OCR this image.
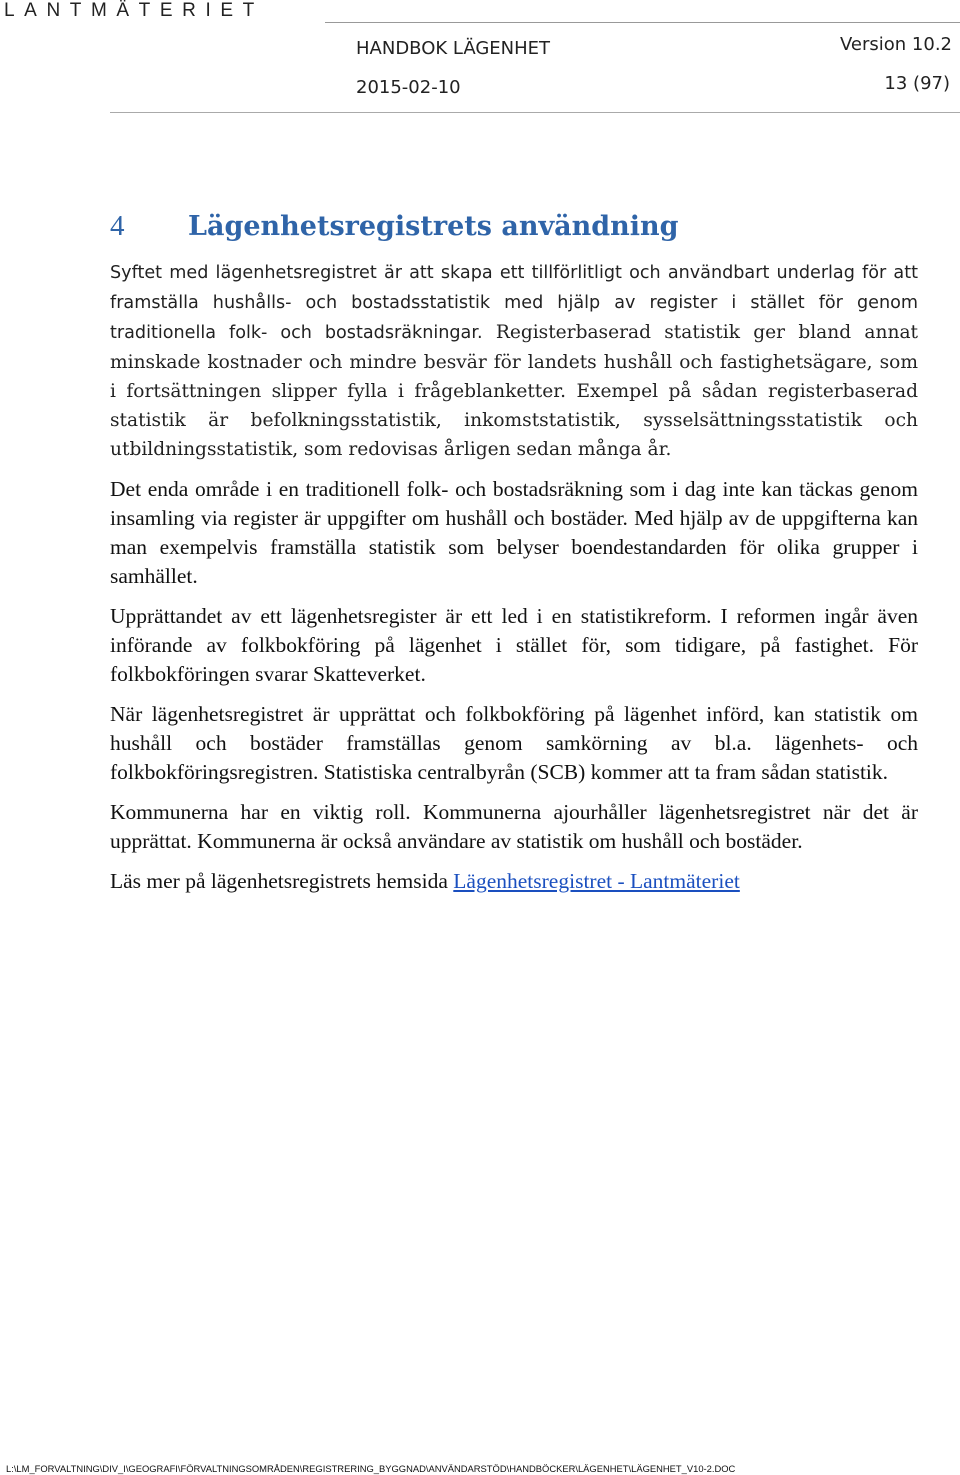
LANTMÄTERIET
HANDBOK LÄGENHET	Version 10.2
2015-02-10	13 (97)
4	Lägenhetsregistrets användning

Syftet med lägenhetsregistret är att skapa ett tillförlitligt och användbart underlag för att framställa hushålls- och bostadsstatistik med hjälp av register i stället för genom traditionella folk- och bostadsräkningar. Registerbaserad statistik ger bland annat minskade kostnader och mindre besvär för landets hushåll och fastighetsägare, som i fortsättningen slipper fylla i frågeblanketter. Exempel på sådan registerbaserad statistik är befolkningsstatistik, inkomststatistik, sysselsättningsstatistik och utbildningsstatistik, som redovisas årligen sedan många år.

Det enda område i en traditionell folk- och bostadsräkning som i dag inte kan täckas genom insamling via register är uppgifter om hushåll och bostäder. Med hjälp av de uppgifterna kan man exempelvis framställa statistik som belyser boendestandarden för olika grupper i samhället.

Upprättandet av ett lägenhetsregister är ett led i en statistikreform. I reformen ingår även införande av folkbokföring på lägenhet i stället för, som tidigare, på fastighet. För folkbokföringen svarar Skatteverket.

När lägenhetsregistret är upprättat och folkbokföring på lägenhet införd, kan statistik om hushåll och bostäder framställas genom samkörning av bl.a. lägenhets- och folkbokföringsregistren. Statistiska centralbyrån (SCB) kommer att ta fram sådan statistik.

Kommunerna har en viktig roll. Kommunerna ajourhåller lägenhetsregistret när det är upprättat. Kommunerna är också användare av statistik om hushåll och bostäder.

Läs mer på lägenhetsregistrets hemsida Lägenhetsregistret - Lantmäteriet

L:\LM_FORVALTNING\DIV_I\GEOGRAFI\FÖRVALTNINGSOMRÅDEN\REGISTRERING_BYGGNAD\ANVÄNDARSTÖD\HANDBÖCKER\LÄGENHET\LÄGENHET_V10-2.DOC
